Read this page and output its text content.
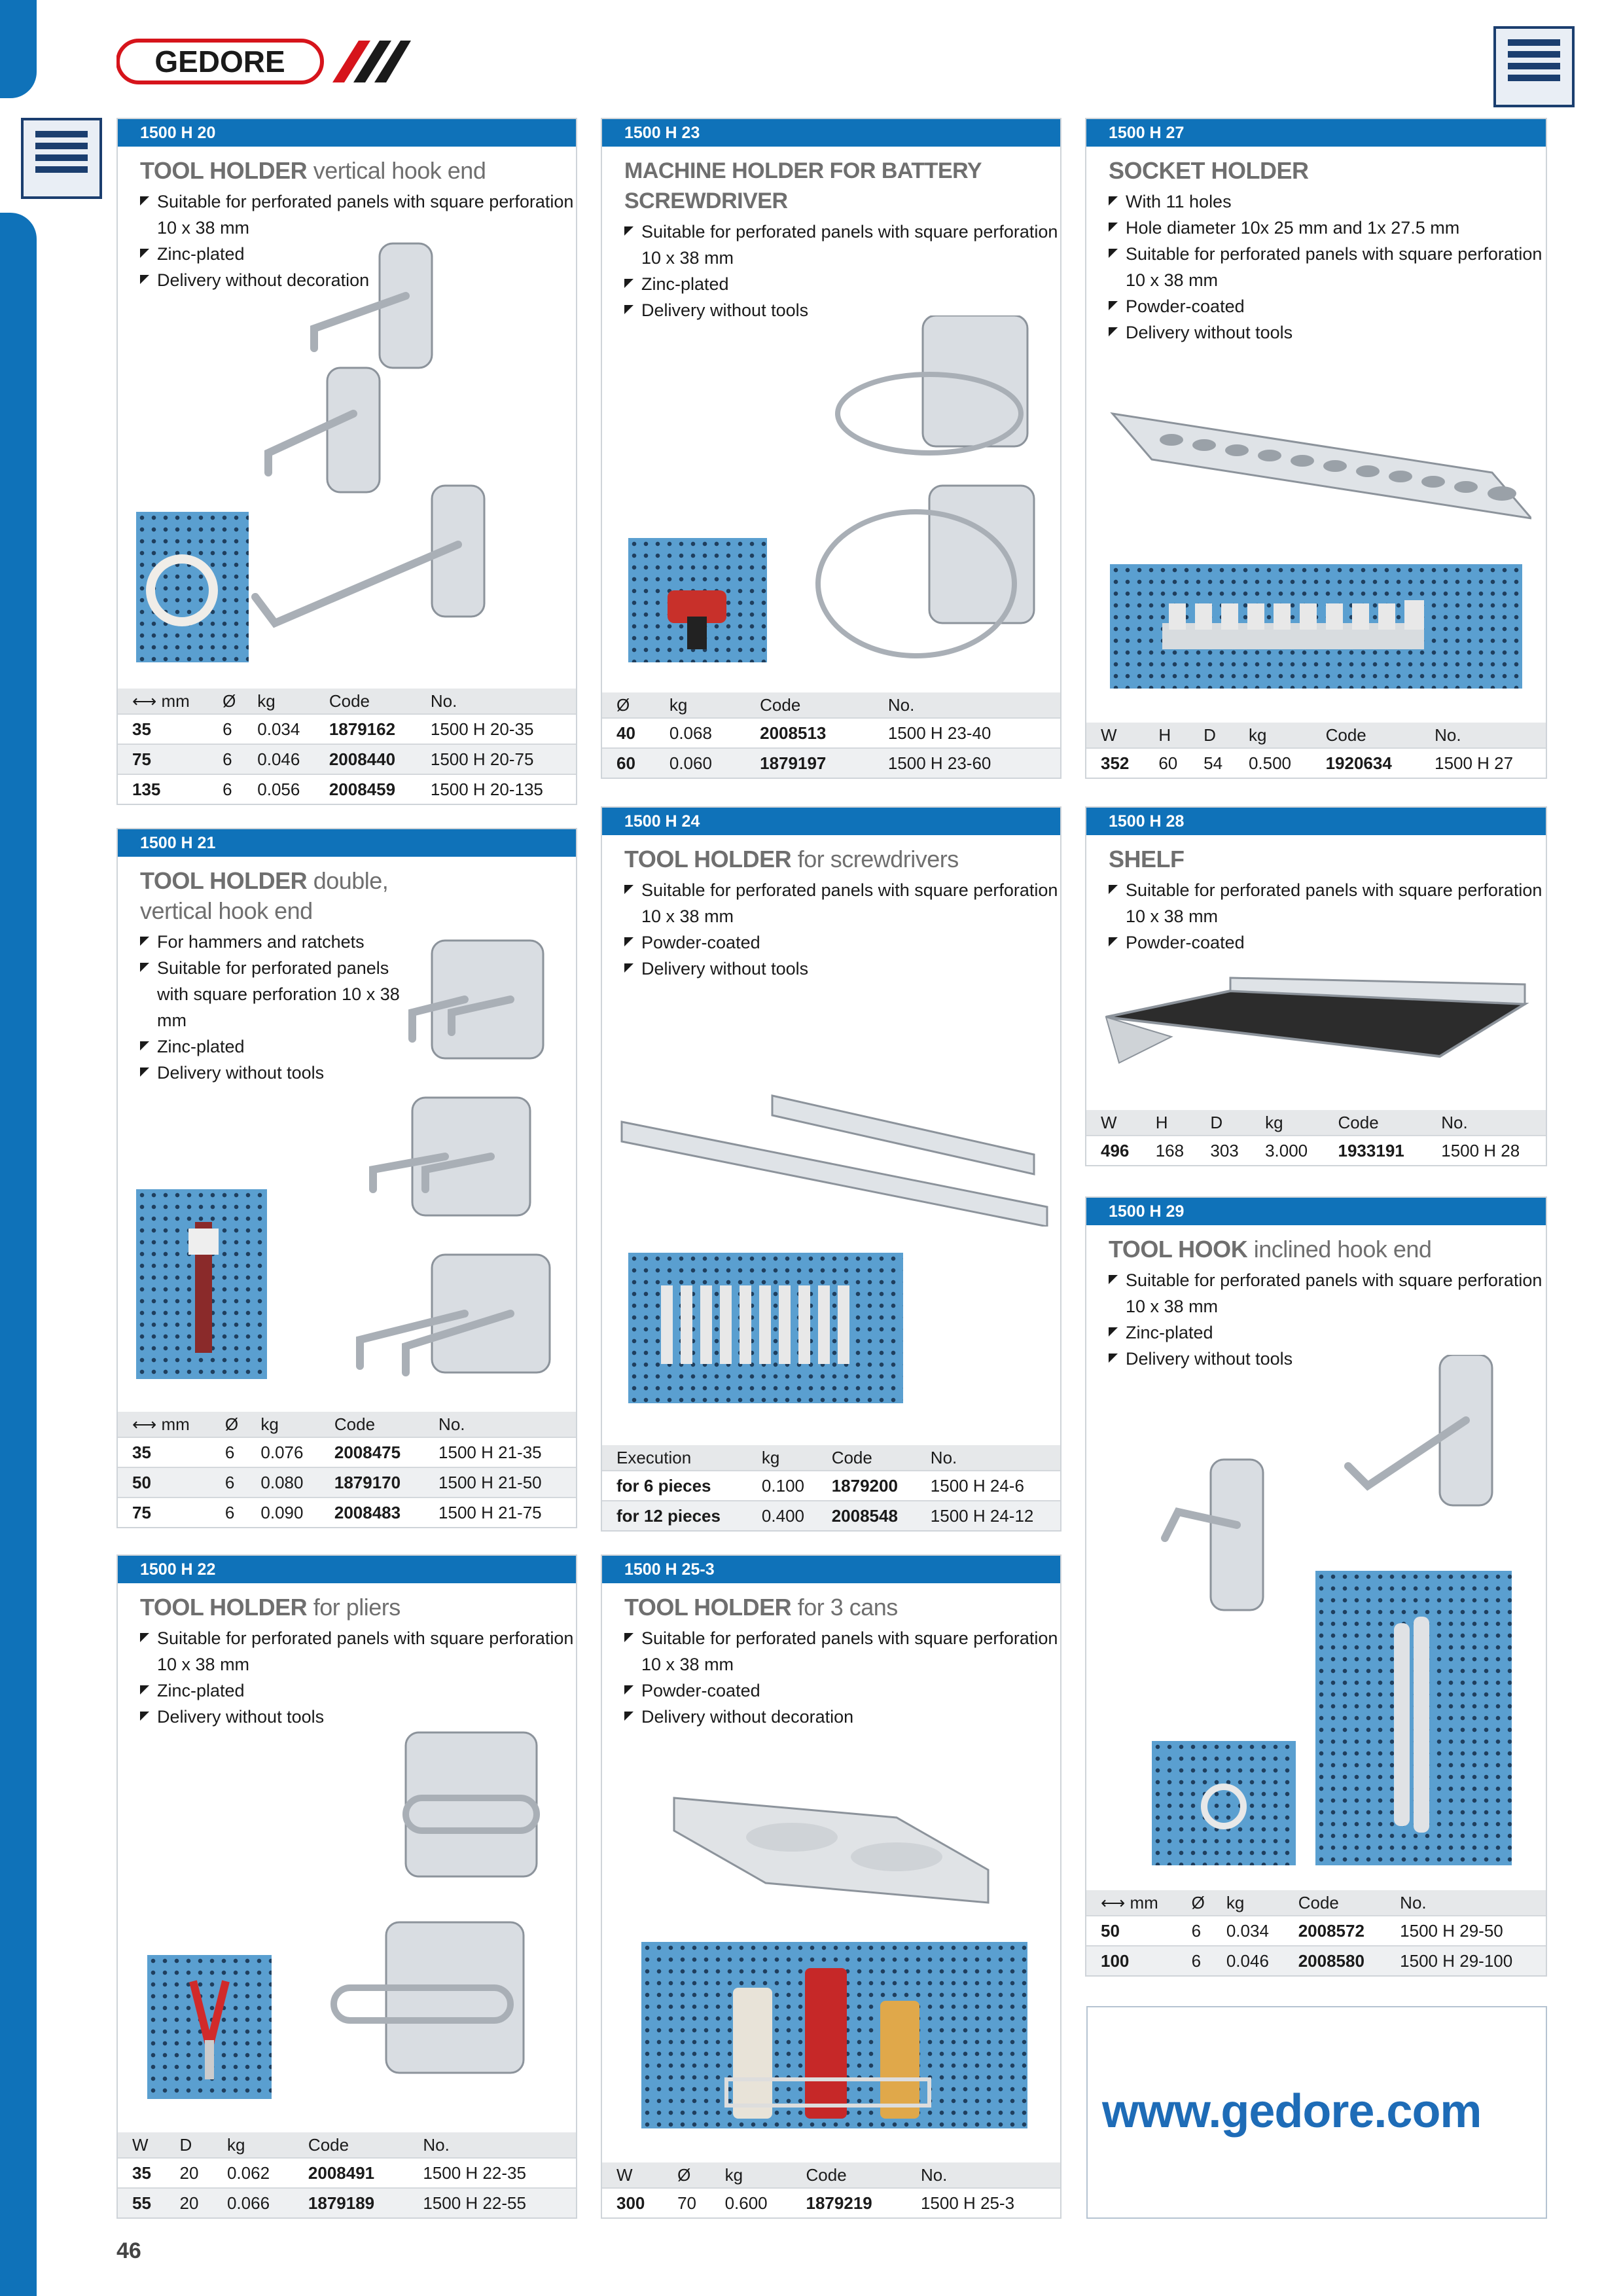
GEDORE
1500 H 20
TOOL HOLDER vertical hook end
Suitable for perforated panels with square perforation 10 x 38 mm
Zinc-plated
Delivery without decoration
⟷ mm	Ø	kg	Code	No.
35	6	0.034	1879162	1500 H 20-35
75	6	0.046	2008440	1500 H 20-75
135	6	0.056	2008459	1500 H 20-135
1500 H 21
TOOL HOLDER double, vertical hook end
For hammers and ratchets
Suitable for perforated panels with square perforation 10 x 38 mm
Zinc-plated
Delivery without tools
⟷ mm	Ø	kg	Code	No.
35	6	0.076	2008475	1500 H 21-35
50	6	0.080	1879170	1500 H 21-50
75	6	0.090	2008483	1500 H 21-75
1500 H 22
TOOL HOLDER for pliers
Suitable for perforated panels with square perforation 10 x 38 mm
Zinc-plated
Delivery without tools
W	D	kg	Code	No.
35	20	0.062	2008491	1500 H 22-35
55	20	0.066	1879189	1500 H 22-55
1500 H 23
MACHINE HOLDER FOR BATTERY SCREWDRIVER
Suitable for perforated panels with square perforation 10 x 38 mm
Zinc-plated
Delivery without tools
Ø	kg	Code	No.
40	0.068	2008513	1500 H 23-40
60	0.060	1879197	1500 H 23-60
1500 H 24
TOOL HOLDER for screwdrivers
Suitable for perforated panels with square perforation 10 x 38 mm
Powder-coated
Delivery without tools
Execution	kg	Code	No.
for 6 pieces	0.100	1879200	1500 H 24-6
for 12 pieces	0.400	2008548	1500 H 24-12
1500 H 25-3
TOOL HOLDER for 3 cans
Suitable for perforated panels with square perforation 10 x 38 mm
Powder-coated
Delivery without decoration
W	Ø	kg	Code	No.
300	70	0.600	1879219	1500 H 25-3
1500 H 27
SOCKET HOLDER
With 11 holes
Hole diameter 10x 25 mm and 1x 27.5 mm
Suitable for perforated panels with square perforation 10 x 38 mm
Powder-coated
Delivery without tools
W	H	D	kg	Code	No.
352	60	54	0.500	1920634	1500 H 27
1500 H 28
SHELF
Suitable for perforated panels with square perforation 10 x 38 mm
Powder-coated
W	H	D	kg	Code	No.
496	168	303	3.000	1933191	1500 H 28
1500 H 29
TOOL HOOK inclined hook end
Suitable for perforated panels with square perforation 10 x 38 mm
Zinc-plated
Delivery without tools
⟷ mm	Ø	kg	Code	No.
50	6	0.034	2008572	1500 H 29-50
100	6	0.046	2008580	1500 H 29-100
www.gedore.com
46
